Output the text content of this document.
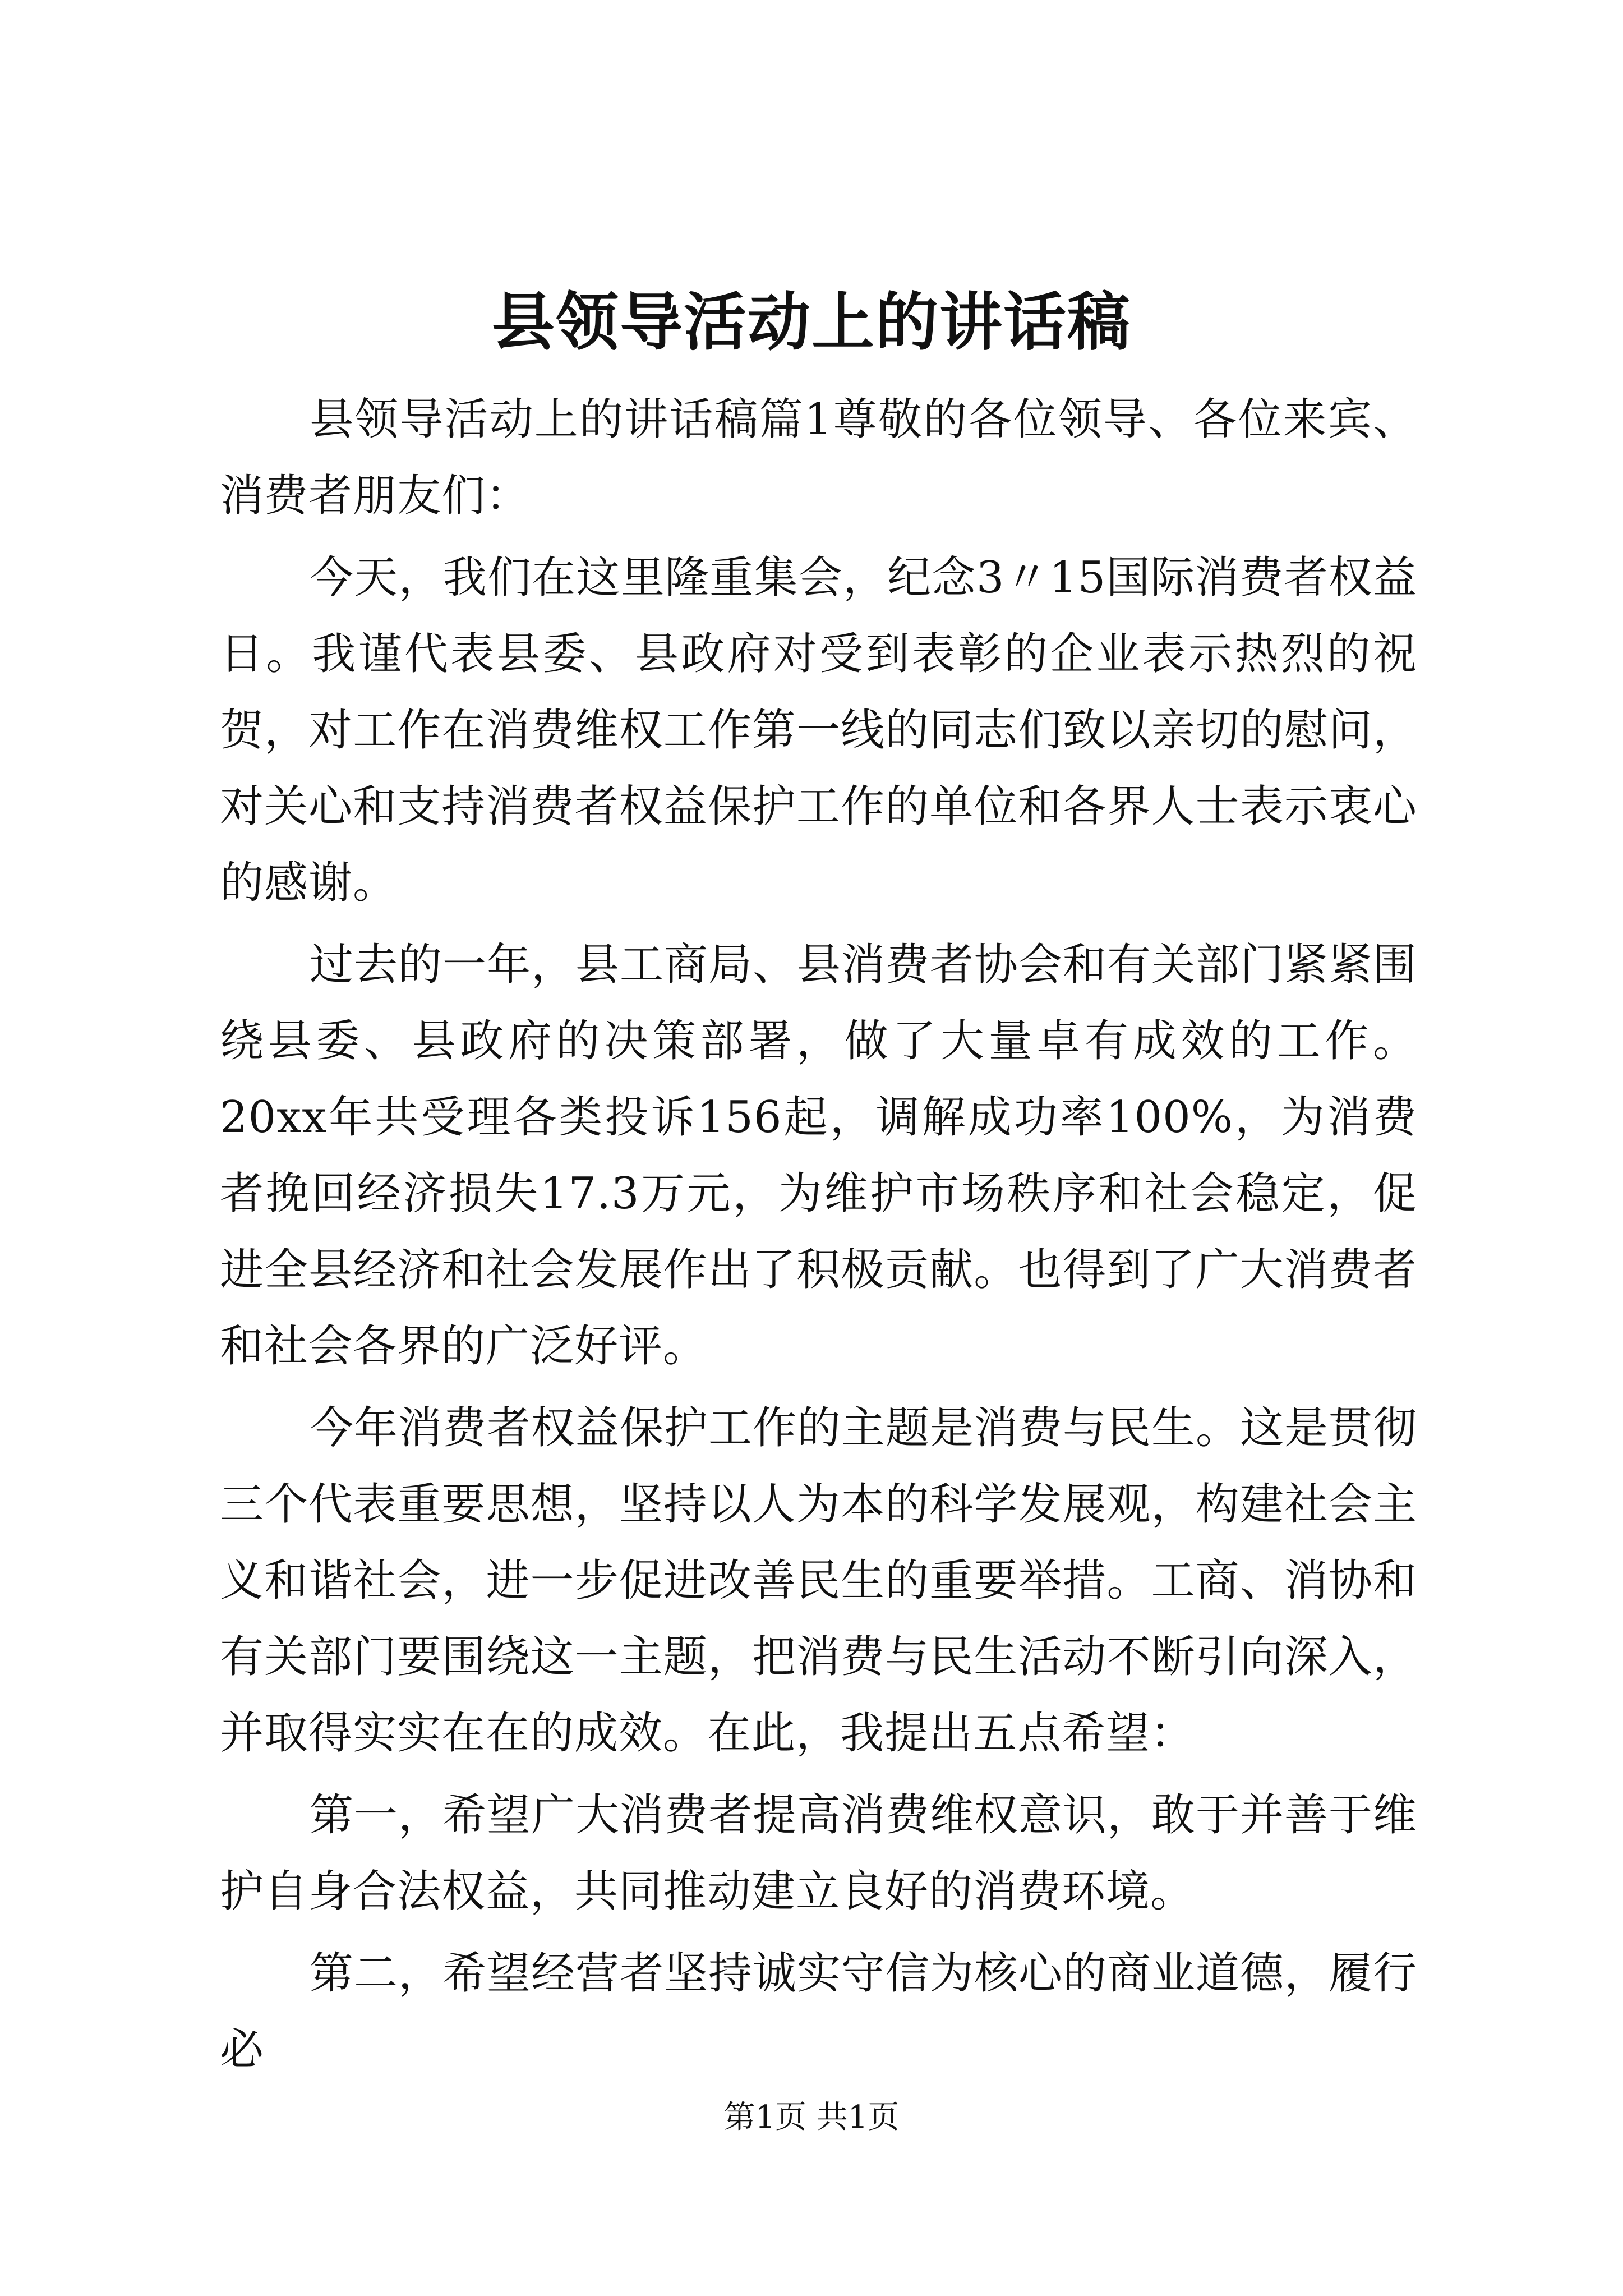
县领导活动上的讲话稿

县领导活动上的讲话稿篇1尊敬的各位领导、各位来宾、消费者朋友们：

今天，我们在这里隆重集会，纪念3〃15国际消费者权益日。我谨代表县委、县政府对受到表彰的企业表示热烈的祝贺，对工作在消费维权工作第一线的同志们致以亲切的慰问，对关心和支持消费者权益保护工作的单位和各界人士表示衷心的感谢。

过去的一年，县工商局、县消费者协会和有关部门紧紧围绕县委、县政府的决策部署，做了大量卓有成效的工作。20xx年共受理各类投诉156起，调解成功率100%，为消费者挽回经济损失17.3万元，为维护市场秩序和社会稳定，促进全县经济和社会发展作出了积极贡献。也得到了广大消费者和社会各界的广泛好评。

今年消费者权益保护工作的主题是消费与民生。这是贯彻三个代表重要思想，坚持以人为本的科学发展观，构建社会主义和谐社会，进一步促进改善民生的重要举措。工商、消协和有关部门要围绕这一主题，把消费与民生活动不断引向深入，并取得实实在在的成效。在此，我提出五点希望：

第一，希望广大消费者提高消费维权意识，敢于并善于维护自身合法权益，共同推动建立良好的消费环境。

第二，希望经营者坚持诚实守信为核心的商业道德，履行必

第1页 共1页
